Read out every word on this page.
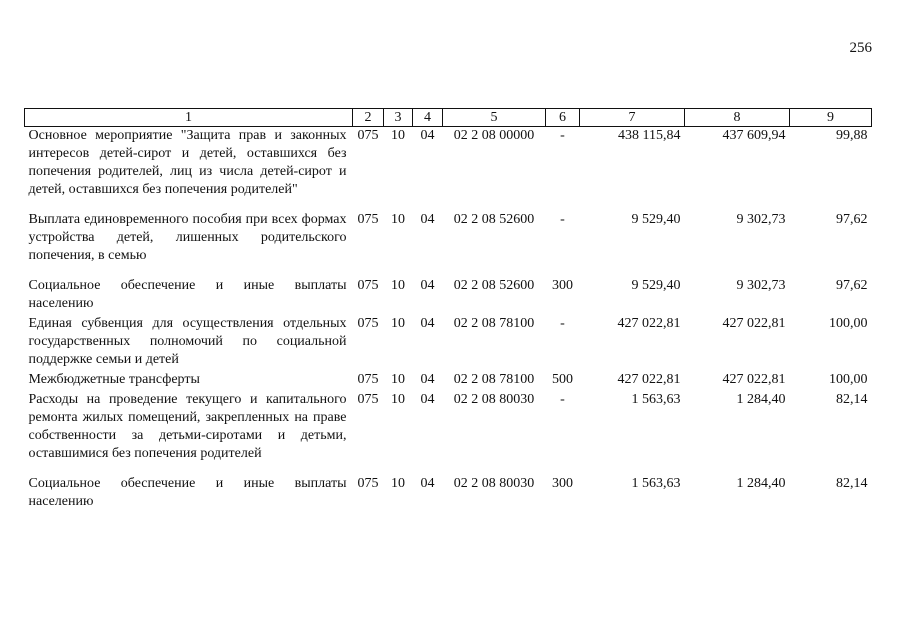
256
1	2	3	4	5	6	7	8	9
Основное мероприятие "Защита прав и законных интересов детей-сирот и детей, оставшихся без попечения родителей, лиц из числа детей-сирот и детей, оставшихся без попечения родителей"	075	10	04	02 2 08 00000	-	438 115,84	437 609,94	99,88
Выплата единовременного пособия при всех формах устройства детей, лишенных родительского попечения, в семью	075	10	04	02 2 08 52600	-	9 529,40	9 302,73	97,62
Социальное обеспечение и иные выплаты населению	075	10	04	02 2 08 52600	300	9 529,40	9 302,73	97,62
Единая субвенция для осуществления отдельных государственных полномочий по социальной поддержке семьи и детей	075	10	04	02 2 08 78100	-	427 022,81	427 022,81	100,00
Межбюджетные трансферты	075	10	04	02 2 08 78100	500	427 022,81	427 022,81	100,00
Расходы на проведение текущего и капитального ремонта жилых помещений, закрепленных на праве собственности за детьми-сиротами и детьми, оставшимися без попечения родителей	075	10	04	02 2 08 80030	-	1 563,63	1 284,40	82,14
Социальное обеспечение и иные выплаты населению	075	10	04	02 2 08 80030	300	1 563,63	1 284,40	82,14
